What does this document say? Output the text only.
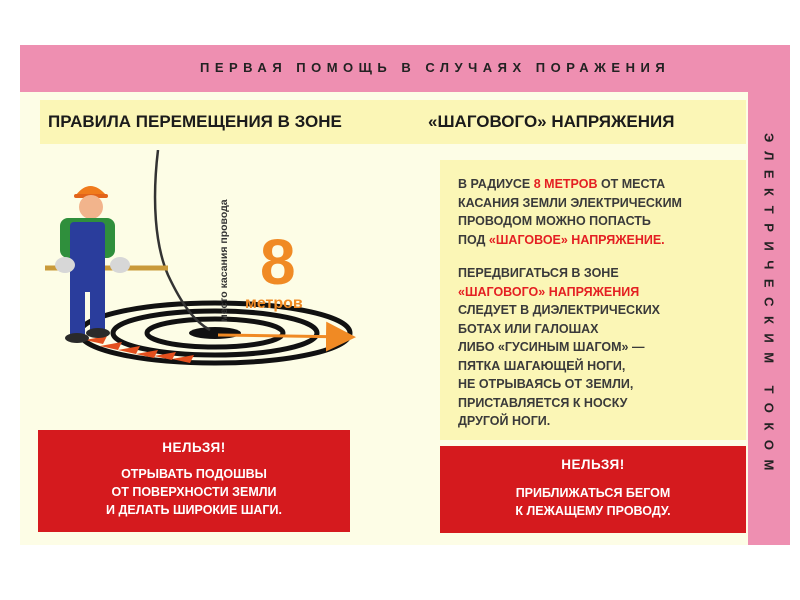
ПЕРВАЯ ПОМОЩЬ В СЛУЧАЯХ ПОРАЖЕНИЯ
ЭЛЕКТРИЧЕСКИМ ТОКОМ
ПРАВИЛА ПЕРЕМЕЩЕНИЯ В ЗОНЕ	«ШАГОВОГО» НАПРЯЖЕНИЯ
место касания провода 8
метров
В РАДИУСЕ 8 МЕТРОВ ОТ МЕСТА
КАСАНИЯ ЗЕМЛИ ЭЛЕКТРИЧЕСКИМ
ПРОВОДОМ МОЖНО ПОПАСТЬ
ПОД «ШАГОВОЕ» НАПРЯЖЕНИЕ.
ПЕРЕДВИГАТЬСЯ В ЗОНЕ
«ШАГОВОГО» НАПРЯЖЕНИЯ
СЛЕДУЕТ В ДИЭЛЕКТРИЧЕСКИХ
БОТАХ ИЛИ ГАЛОШАХ
ЛИБО «ГУСИНЫМ ШАГОМ» —
ПЯТКА ШАГАЮЩЕЙ НОГИ,
НЕ ОТРЫВАЯСЬ ОТ ЗЕМЛИ,
ПРИСТАВЛЯЕТСЯ К НОСКУ
ДРУГОЙ НОГИ.
НЕЛЬЗЯ!
ОТРЫВАТЬ ПОДОШВЫ
ОТ ПОВЕРХНОСТИ ЗЕМЛИ
И ДЕЛАТЬ ШИРОКИЕ ШАГИ.
НЕЛЬЗЯ!
ПРИБЛИЖАТЬСЯ БЕГОМ
К ЛЕЖАЩЕМУ ПРОВОДУ.
